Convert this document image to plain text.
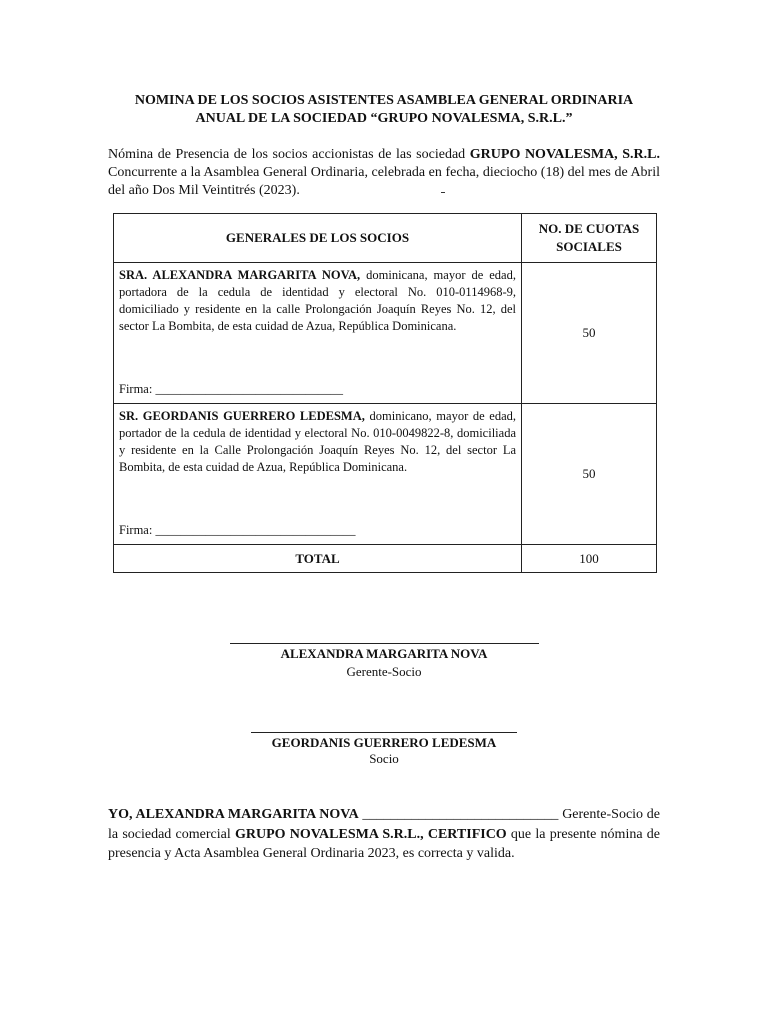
NOMINA DE LOS SOCIOS ASISTENTES ASAMBLEA GENERAL ORDINARIA
ANUAL DE LA SOCIEDAD “GRUPO NOVALESMA, S.R.L.”
Nómina de Presencia de los socios accionistas de las sociedad GRUPO NOVALESMA, S.R.L. Concurrente a la Asamblea General Ordinaria, celebrada en fecha, dieciocho (18) del mes de Abril del año Dos Mil Veintitrés (2023).
GENERALES DE LOS SOCIOS	NO. DE CUOTAS
SOCIALES

SRA. ALEXANDRA MARGARITA NOVA, dominicana, mayor de edad, portadora de la cedula de identidad y electoral No. 010-0114968-9, domiciliado y residente en la calle Prolongación Joaquín Reyes No. 12, del sector La Bombita, de esta cuidad de Azua, República Dominicana.
Firma: ______________________________	50
SR. GEORDANIS GUERRERO LEDESMA, dominicano, mayor de edad, portador de la cedula de identidad y electoral No. 010-0049822-8, domiciliada y residente en la Calle Prolongación Joaquín Reyes No. 12, del sector La Bombita, de esta cuidad de Azua, República Dominicana.
Firma: ________________________________	50
TOTAL	100
ALEXANDRA MARGARITA NOVA
Gerente-Socio
GEORDANIS GUERRERO LEDESMA
Socio
YO, ALEXANDRA MARGARITA NOVA ____________________________ Gerente-Socio de la sociedad comercial GRUPO NOVALESMA S.R.L., CERTIFICO que la presente nómina de presencia y Acta Asamblea General Ordinaria 2023, es correcta y valida.
